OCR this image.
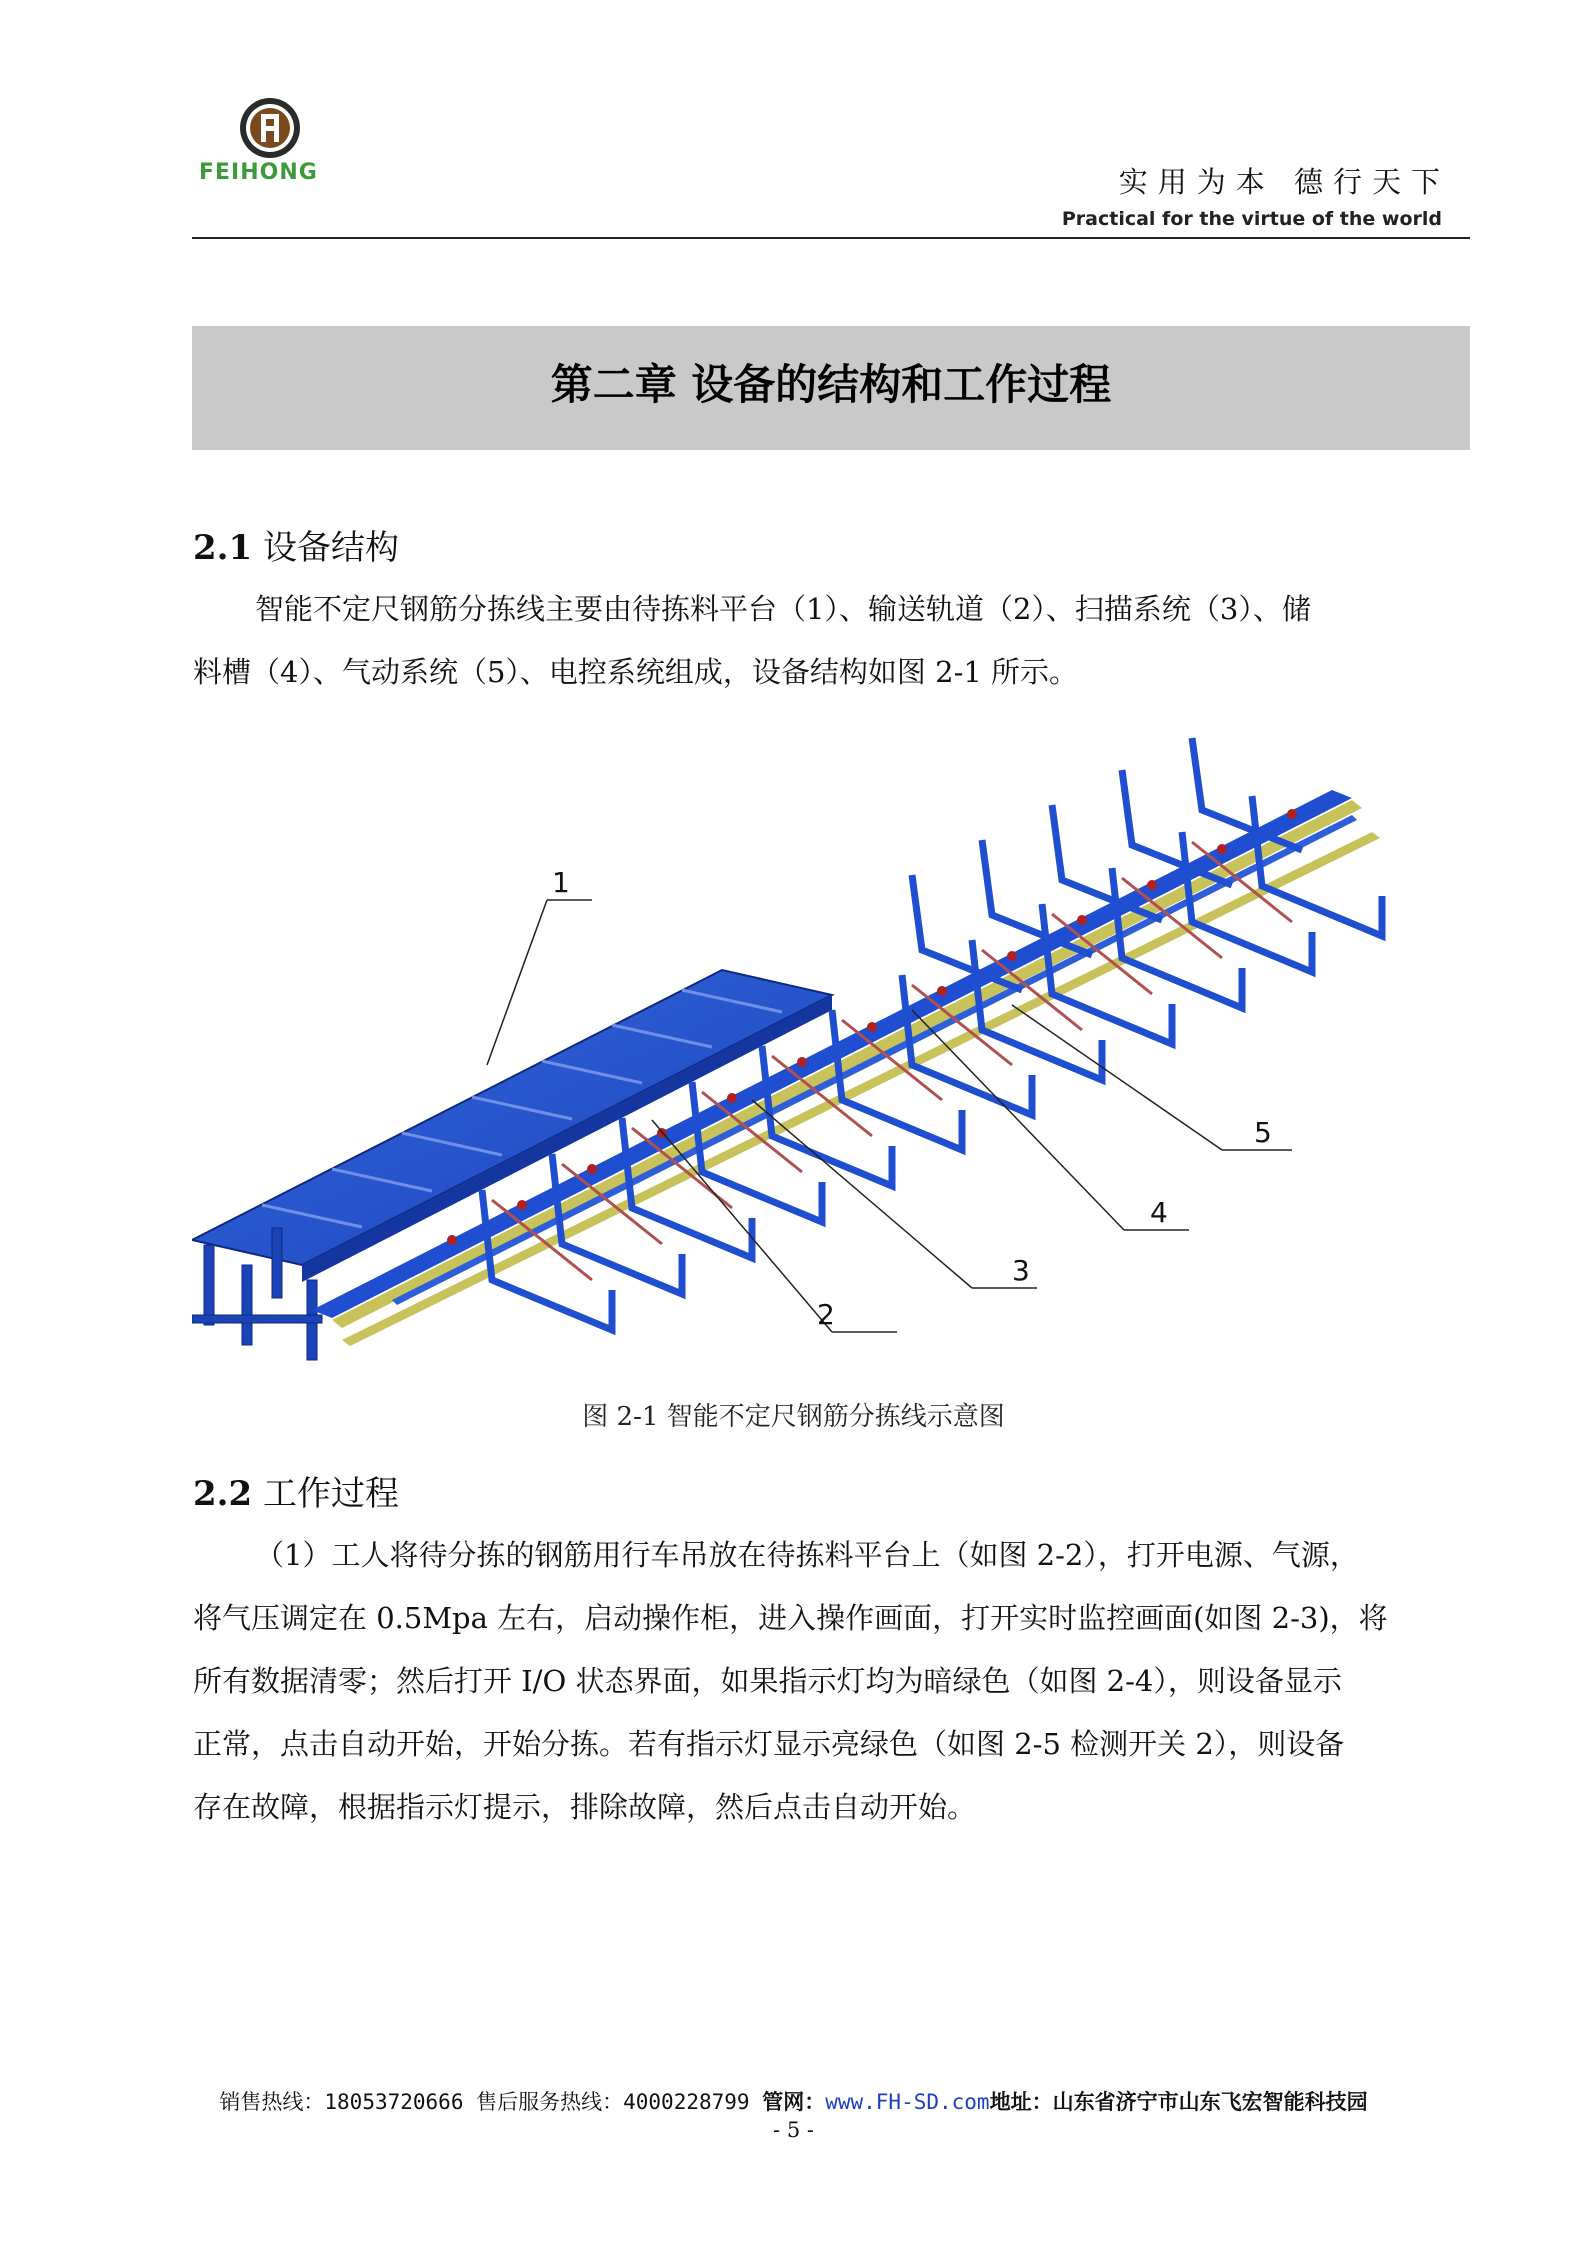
FEIHONG	实用为本 德行天下
Practical for the virtue of the world
第二章 设备的结构和工作过程
2.1 设备结构
智能不定尺钢筋分拣线主要由待拣料平台（1）、输送轨道（2）、扫描系统（3）、储
料槽（4）、气动系统（5）、电控系统组成，设备结构如图 2-1 所示。
1
2
3
4
5
图 2-1 智能不定尺钢筋分拣线示意图
2.2 工作过程
（1）工人将待分拣的钢筋用行车吊放在待拣料平台上（如图 2-2），打开电源、气源，
将气压调定在 0.5Mpa 左右，启动操作柜，进入操作画面，打开实时监控画面(如图 2-3)，将
所有数据清零；然后打开 I/O 状态界面，如果指示灯均为暗绿色（如图 2-4），则设备显示
正常，点击自动开始，开始分拣。若有指示灯显示亮绿色（如图 2-5 检测开关 2），则设备
存在故障，根据指示灯提示，排除故障，然后点击自动开始。
销售热线：18053720666 售后服务热线：4000228799 管网：www.FH-SD.com地址：山东省济宁市山东飞宏智能科技园
- 5 -
